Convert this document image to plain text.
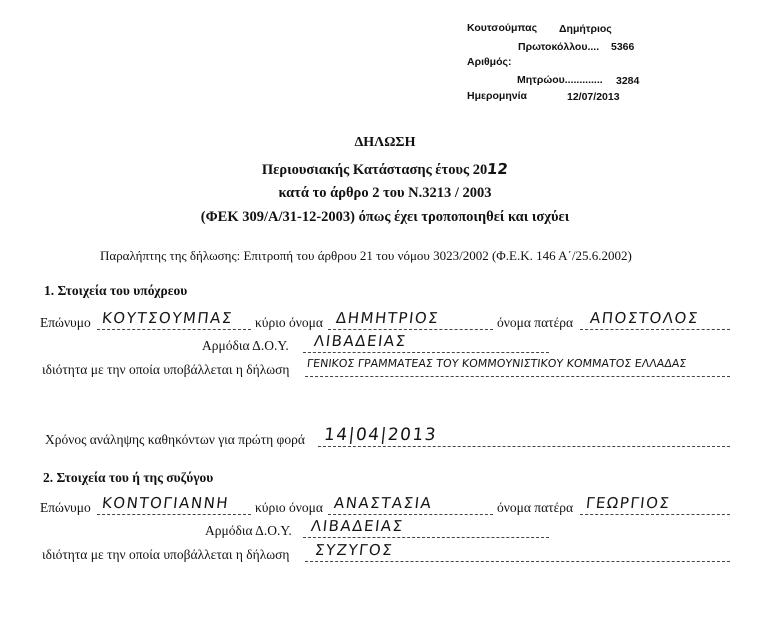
Κουτσούμπας Δημήτριος
Πρωτοκόλλου.... 5366
Αριθμός:
Μητρώου............. 3284
Ημερομηνία	12/07/2013
ΔΗΛΩΣΗ
Περιουσιακής Κατάστασης έτους 2012
κατά το άρθρο 2 του Ν.3213 / 2003
(ΦΕΚ 309/Α/31-12-2003) όπως έχει τροποποιηθεί και ισχύει
Παραλήπτης της δήλωσης: Επιτροπή του άρθρου 21 του νόμου 3023/2002 (Φ.Ε.Κ. 146 Α΄/25.6.2002)
1. Στοιχεία του υπόχρεου
Επώνυμο ΚΟΥΤΣΟΥΜΠΑΣ κύριο όνομα ΔΗΜΗΤΡΙΟΣ	όνομα πατέρα ΑΠΟΣΤΟΛΟΣ
Αρμόδια Δ.Ο.Υ. ΛΙΒΑΔΕΙΑΣ
ιδιότητα με την οποία υποβάλλεται η δήλωση ΓΕΝΙΚΟΣ ΓΡΑΜΜΑΤΕΑΣ ΤΟΥ ΚΟΜΜΟΥΝΙΣΤΙΚΟΥ ΚΟΜΜΑΤΟΣ ΕΛΛΑΔΑΣ
Χρόνος ανάληψης καθηκόντων για πρώτη φορά 14|04|2013
2. Στοιχεία του ή της συζύγου
Επώνυμο ΚΟΝΤΟΓΙΑΝΝΗ κύριο όνομα ΑΝΑΣΤΑΣΙΑ	όνομα πατέρα ΓΕΩΡΓΙΟΣ
Αρμόδια Δ.Ο.Υ. ΛΙΒΑΔΕΙΑΣ
ιδιότητα με την οποία υποβάλλεται η δήλωση ΣΥΖΥΓΟΣ
